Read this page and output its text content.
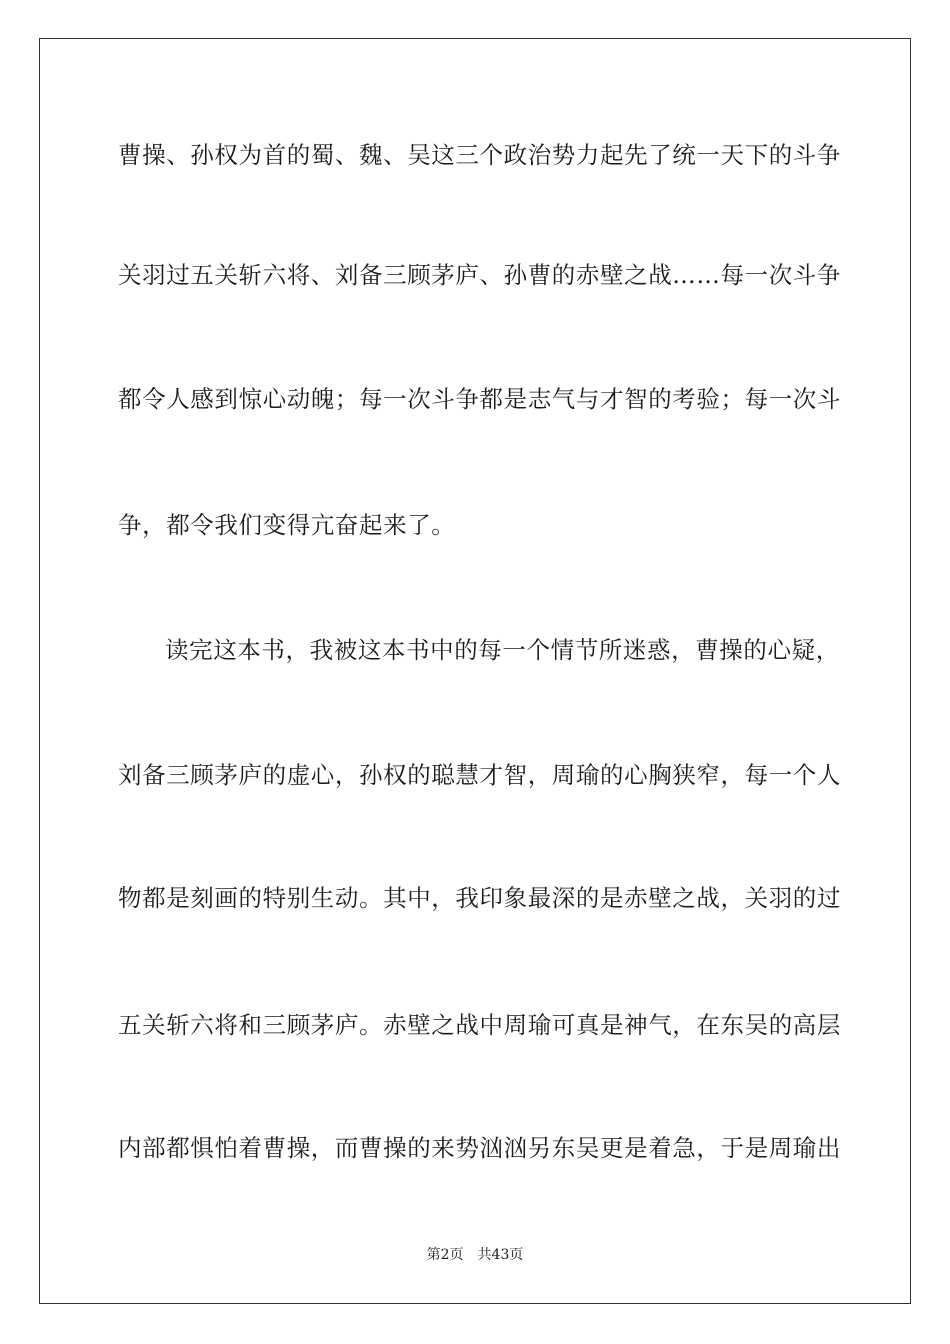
曹操、孙权为首的蜀、魏、吴这三个政治势力起先了统一天下的斗争
关羽过五关斩六将、刘备三顾茅庐、孙曹的赤壁之战……每一次斗争
都令人感到惊心动魄；每一次斗争都是志气与才智的考验；每一次斗
争，都令我们变得亢奋起来了。
读完这本书，我被这本书中的每一个情节所迷惑，曹操的心疑，
刘备三顾茅庐的虚心，孙权的聪慧才智，周瑜的心胸狭窄，每一个人
物都是刻画的特别生动。其中，我印象最深的是赤壁之战，关羽的过
五关斩六将和三顾茅庐。赤壁之战中周瑜可真是神气，在东吴的高层
内部都惧怕着曹操，而曹操的来势汹汹另东吴更是着急，于是周瑜出
第2页 共43页
